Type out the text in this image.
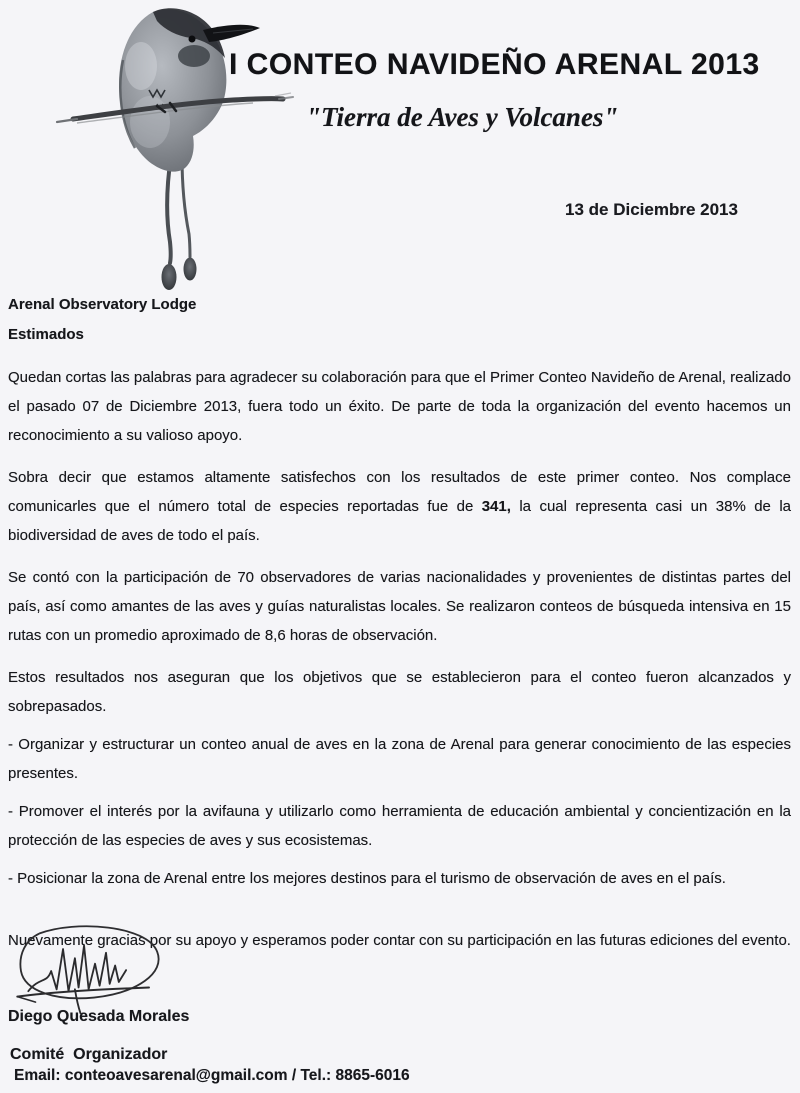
I CONTEO NAVIDEÑO ARENAL 2013
"Tierra de Aves y Volcanes"
13 de Diciembre 2013
Arenal Observatory Lodge
Estimados

Quedan cortas las palabras para agradecer su colaboración para que el Primer Conteo Navideño de Arenal, realizado el pasado 07 de Diciembre 2013, fuera todo un éxito. De parte de toda la organización del evento hacemos un reconocimiento a su valioso apoyo.

Sobra decir que estamos altamente satisfechos con los resultados de este primer conteo. Nos complace comunicarles que el número total de especies reportadas fue de 341, la cual representa casi un 38% de la biodiversidad de aves de todo el país.

Se contó con la participación de 70 observadores de varias nacionalidades y provenientes de distintas partes del país, así como amantes de las aves y guías naturalistas locales. Se realizaron conteos de búsqueda intensiva en 15 rutas con un promedio aproximado de 8,6 horas de observación.

Estos resultados nos aseguran que los objetivos que se establecieron para el conteo fueron alcanzados y sobrepasados.

- Organizar y estructurar un conteo anual de aves en la zona de Arenal para generar conocimiento de las especies presentes.

- Promover el interés por la avifauna y utilizarlo como herramienta de educación ambiental y concientización en la protección de las especies de aves y sus ecosistemas.

- Posicionar la zona de Arenal entre los mejores destinos para el turismo de observación de aves en el país.

Nuevamente gracias por su apoyo y esperamos poder contar con su participación en las futuras ediciones del evento.

Diego Quesada Morales
Comité  Organizador
Email: conteoavesarenal@gmail.com / Tel.: 8865-6016
